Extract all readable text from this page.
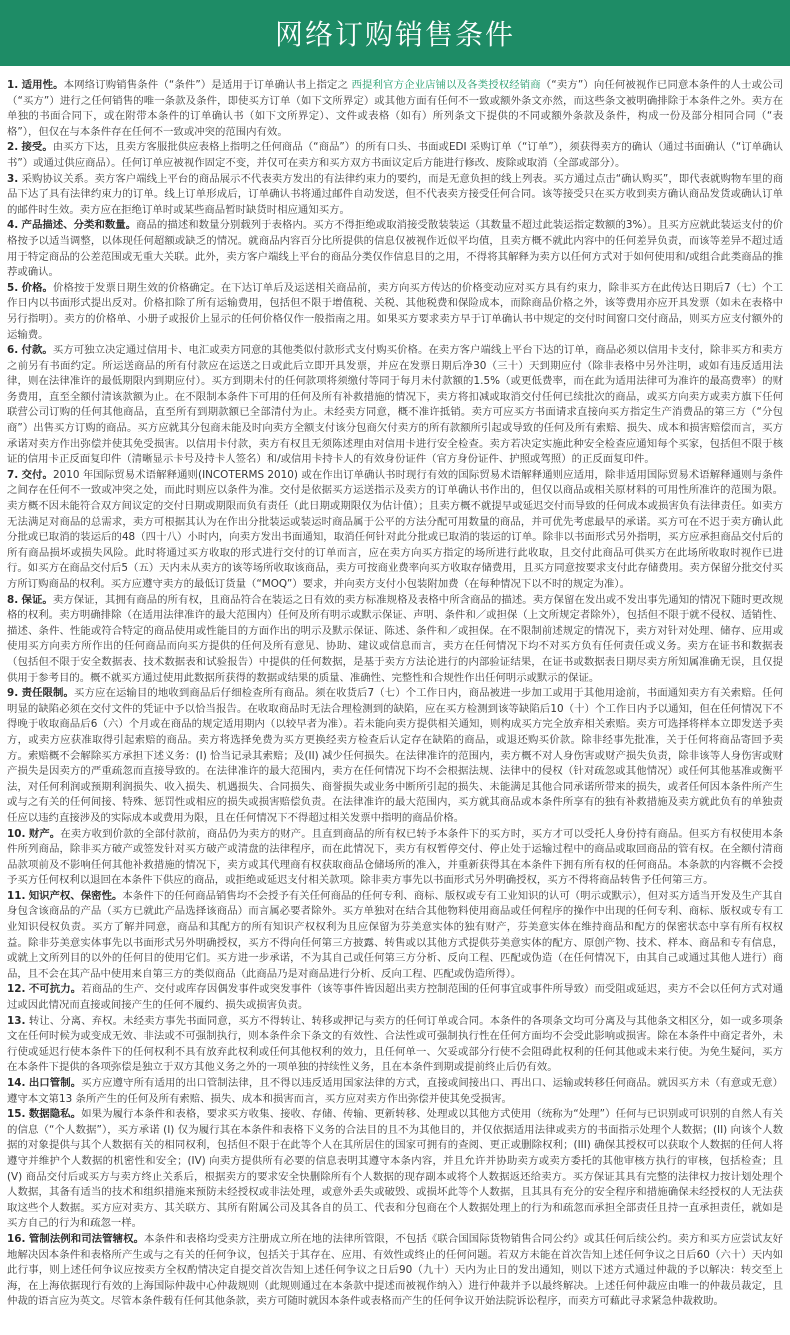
网络订购销售条件

1. 适用性。本网络订购销售条件（“条件”）是适用于订单确认书上指定之 西提利官方企业店铺以及各类授权经销商（“卖方”）向任何被视作已同意本条件的人士或公司（“买方”）进行之任何销售的唯一条款及条件，即使买方订单（如下文所界定）或其他方面有任何不一致或额外条文亦然，而这些条文被明确排除于本条件之外。卖方在单独的书面合同下，或在附带本条件的订单确认书（如下文所界定）、文件或表格（如有）所列条文下提供的不同或额外条款及条件，构成一份及部分相同合同（“表格”），但仅在与本条件存在任何不一致或冲突的范围内有效。

2. 接受。由买方下达，且卖方客服批供应表格上指明之任何商品（“商品”）的所有口头、书面或EDI 采购订单（“订单”），须获得卖方的确认（通过书面确认（“订单确认书”）或通过供应商品）。任何订单应被视作固定不变，并仅可在卖方和买方双方书面议定后方能进行修改、废除或取消（全部或部分）。

3. 采购协议关系。卖方客户端线上平台的商品展示不代表卖方发出的有法律约束力的要约，而是无意负担的线上列表。买方通过点击“确认购买”，即代表就购物车里的商品下达了具有法律约束力的订单。线上订单形成后，订单确认书将通过邮件自动发送，但不代表卖方接受任何合同。该等接受只在买方收到卖方确认商品发货或确认订单的邮件时生效。卖方应在拒绝订单时或某些商品暂时缺货时相应通知买方。

4. 产品描述、分类和数量。商品的描述和数量分别载列于表格内。买方不得拒绝或取消接受散装装运（其数量不超过此装运指定数额的3%）。且买方应就此装运支付的价格按予以适当调整，以体现任何超额或缺乏的情况。就商品内容百分比所提供的信息仅被视作近似平均值，且卖方概不就此内容中的任何差异负责，而该等差异不超过适用于特定商品的公差范围或无重大关联。此外，卖方客户端线上平台的商品分类仅作信息目的之用，不得将其解释为卖方以任何方式对于如何使用和/或组合此类商品的推荐或确认。

5. 价格。价格按于发票日期生效的价格确定。在下达订单后及运送相关商品前，卖方向买方传达的价格变动应对买方具有约束力，除非买方在此传达日期后7（七）个工作日内以书面形式提出反对。价格扣除了所有运输费用，包括但不限于增值税、关税、其他税费和保险成本，而除商品价格之外，该等费用亦应开具发票（如未在表格中另行指明）。卖方的价格单、小册子或报价上显示的任何价格仅作一般指南之用。如果买方要求卖方早于订单确认书中规定的交付时间窗口交付商品，则买方应支付额外的运输费。

6. 付款。买方可独立决定通过信用卡、电汇或卖方同意的其他类似付款形式支付购买价格。在卖方客户端线上平台下达的订单，商品必须以信用卡支付，除非买方和卖方之前另有书面约定。所运送商品的所有付款应在运送之日或此后立即开具发票，并应在发票日期后净30（三十）天到期应付（除非表格中另外注明，或如有违反适用法律，则在法律准许的最低期限内到期应付）。买方到期未付的任何款项将须缴付等同于每月未付款额的1.5%（或更低费率，而在此为适用法律可为准许的最高费率）的财务费用，直至全额付清该款额为止。在不限制本条件下可用的任何及所有补救措施的情况下，卖方将扣减或取消交付任何已续批次的商品，或买方向卖方或卖方旗下任何联营公司订购的任何其他商品，直至所有到期款额已全部清付为止。未经卖方同意，概不准许抵销。卖方可应买方书面请求直接向买方指定生产消费品的第三方（“分包商”）出售买方订购的商品。买方应就其分包商未能及时向卖方全额支付该分包商欠付卖方的所有款额所引起或导致的任何及所有索赔、损失、成本和损害赔偿而言，买方承诺对卖方作出弥偿并使其免受损害。以信用卡付款，卖方有权且无须陈述理由对信用卡进行安全检查。卖方若决定实施此种安全检查应通知每个买家，包括但不限于核证的信用卡正反面复印件（清晰显示卡号及持卡人签名）和/或信用卡持卡人的有效身份证件（官方身份证件、护照或驾照）的正反面复印件。

7. 交付。2010 年国际贸易术语解释通则(INCOTERMS 2010) 或在作出订单确认书时现行有效的国际贸易术语解释通则应适用，除非适用国际贸易术语解释通则与条件之间存在任何不一致或冲突之处，而此时则应以条件为准。交付是依据买方运送指示及卖方的订单确认书作出的，但仅以商品或相关原材料的可用性所准许的范围为限。卖方概不因未能符合双方间议定的交付日期或期限而负有责任（此日期或期限仅为估计值）；且卖方概不就提早或延迟交付而导致的任何成本或损害负有法律责任。如卖方无法满足对商品的总需求，卖方可根据其认为在作出分批装运或装运时商品属于公平的方法分配可用数量的商品，并可优先考虑最早的承诺。买方可在不迟于卖方确认此分批或已取消的装运后的48（四十八）小时内，向卖方发出书面通知，取消任何针对此分批或已取消的装运的订单。除非以书面形式另外指明，买方应承担商品交付后的所有商品损坏或损失风险。此时将通过买方收取的形式进行交付的订单而言，应在卖方向买方指定的场所进行此收取，且交付此商品可供买方在此场所收取时视作已进行。如买方在商品交付后5（五）天内未从卖方的该等场所收取该商品，卖方可按商业费率向买方收取存储费用，且买方同意按要求支付此存储费用。卖方保留分批交付买方所订购商品的权利。买方应遵守卖方的最低订货量（“MOQ”）要求，并向卖方支付小包装附加费（在每种情况下以不时的规定为准）。

8. 保证。卖方保证，其拥有商品的所有权，且商品符合在装运之日有效的卖方标准规格及表格中所含商品的描述。卖方保留在发出或不发出事先通知的情况下随时更改规格的权利。卖方明确排除（在适用法律准许的最大范围内）任何及所有明示或默示保证、声明、条件和／或担保（上文所规定者除外），包括但不限于就不侵权、适销性、描述、条件、性能或符合特定的商品使用或性能目的方面作出的明示及默示保证、陈述、条件和／或担保。在不限制前述规定的情况下，卖方对针对处理、储存、应用或使用买方向卖方所作出的任何商品而向买方提供的任何及所有意见、协助、建议或信息而言，卖方在任何情况下均不对买方负有任何责任或义务。卖方在证书和数据表（包括但不限于安全数据表、技术数据表和试验报告）中提供的任何数据，是基于卖方方法论进行的内部验证结果，在证书或数据表日期尽卖方所知属准确无误，且仅提供用于参考目的。概不就买方通过使用此数据所获得的数据或结果的质量、准确性、完整性和合规性作出任何明示或默示的保证。

9. 责任限制。买方应在运输目的地收到商品后仔细检查所有商品。须在收货后7（七）个工作日内，商品被进一步加工或用于其他用途前，书面通知卖方有关索赔。任何明显的缺陷必须在交付文件的凭证中予以恰当报告。在收取商品时无法合理检测到的缺陷，应在买方检测到该等缺陷后10（十）个工作日内予以通知，但在任何情况下不得晚于收取商品后6（六）个月或在商品的规定适用期内（以较早者为准）。若未能向卖方提供相关通知，则构成买方完全放弃相关索赔。卖方可选择将样本立即发送予卖方，或卖方应获准取得引起索赔的商品。卖方将选择免费为买方更换经卖方检查后认定存在缺陷的商品，或退还购买价款。除非经事先批准，关于任何将商品寄回予卖方。索赔概不会解除买方承担下述义务：(I) 恰当记录其索赔；及(II) 减少任何损失。在法律准许的范围内，卖方概不对人身伤害或财产损失负责，除非该等人身伤害或财产损失是因卖方的严重疏忽而直接导致的。在法律准许的最大范围内，卖方在任何情况下均不会根据法规、法律中的侵权（针对疏忽或其他情况）或任何其他基准或衡平法，对任何利润或预期利润损失、收入损失、机遇损失、合同损失、商誉损失或业务中断所引起的损失、未能满足其他合同承诺所带来的损失，或者任何因本条件所产生或与之有关的任何间接、特殊、惩罚性或相应的损失或损害赔偿负责。在法律准许的最大范围内，买方就其商品或本条件所享有的独有补救措施及卖方就此负有的单独责任应以违约直接涉及的实际成本或费用为限，且在任何情况下不得超过相关发票中指明的商品价格。

10. 财产。在卖方收到价款的全部付款前，商品仍为卖方的财产。且直到商品的所有权已转予本条件下的买方时，买方才可以受托人身份持有商品。但买方有权使用本条件所列商品，除非买方破产或签发针对买方破产或清盘的法律程序，而在此情况下，卖方有权暂停交付、停止处于运输过程中的商品或取回商品的管有权。在全额付清商品款项前及不影响任何其他补救措施的情况下，卖方或其代理商有权获取商品仓储场所的准入，并重新获得其在本条件下拥有所有权的任何商品。本条款的内容概不会授予买方任何权利以退回在本条件下供应的商品，或拒绝或延迟支付相关款项。除非卖方事先以书面形式另外明确授权，买方不得将商品转售予任何第三方。

11. 知识产权、保密性。本条件下的任何商品销售均不会授予有关任何商品的任何专利、商标、版权或专有工业知识的认可（明示或默示），但对买方适当开发及生产其自身包含该商品的产品（买方已就此产品选择该商品）而言属必要者除外。买方单独对在结合其他物料使用商品或任何程序的操作中出现的任何专利、商标、版权或专有工业知识侵权负责。买方了解并同意，商品和其配方的所有知识产权权利为且应保留为芬美意实体的独有财产，芬美意实体在维持商品和配方的保密状态中享有所有权权益。除非芬美意实体事先以书面形式另外明确授权，买方不得向任何第三方披露、转售或以其他方式提供芬美意实体的配方、原创产物、技术、样本、商品和专有信息，或就上文所列目的以外的任何目的使用它们。买方进一步承诺，不为其自己或任何第三方分析、反向工程、匹配或伪造（在任何情况下，由其自己或通过其他人进行）商品，且不会在其产品中使用来自第三方的类似商品（此商品乃是对商品进行分析、反向工程、匹配或伪造所得）。

12. 不可抗力。若商品的生产、交付或库存因偶发事件或突发事件（该等事件皆因超出卖方控制范围的任何事宜或事件所导致）而受阻或延迟，卖方不会以任何方式对通过或因此情况而直接或间接产生的任何不履约、损失或损害负责。

13. 转让、分离、弃权。未经卖方事先书面同意，买方不得转让、转移或押记与卖方的任何订单或合同。本条件的各项条文均可分离及与其他条文相区分，如一或多项条文在任何时候为或变成无效、非法或不可强制执行，则本条件余下条文的有效性、合法性或可强制执行性在任何方面均不会受此影响或损害。除在本条件中商定者外，未行使或延迟行使本条件下的任何权利不具有放弃此权利或任何其他权利的效力，且任何单一、欠妥或部分行使不会阻碍此权利的任何其他或未来行使。为免生疑问，买方在本条件下提供的各项弥偿是独立于双方其他义务之外的一项单独的持续性义务，且在本条件到期或提前终止后仍有效。

14. 出口管制。买方应遵守所有适用的出口管制法律，且不得以违反适用国家法律的方式，直接或间接出口、再出口、运输或转移任何商品。就因买方未（有意或无意）遵守本文第13 条所产生的任何及所有索赔、损失、成本和损害而言，买方应对卖方作出弥偿并使其免受损害。

15. 数据隐私。如果为履行本条件和表格，要求买方收集、接收、存储、传输、更新转移、处理或以其他方式使用（统称为“处理”）任何与已识别或可识别的自然人有关的信息（“个人数据”），买方承诺 (I) 仅为履行其在本条件和表格下义务的合法目的且不为其他目的，并仅依据适用法律或卖方的书面指示处理个人数据；(II) 向该个人数据的对象提供与其个人数据有关的相同权利，包括但不限于在此等个人在其所居住的国家可拥有的查阅、更正或删除权利；(III) 确保其授权可以获取个人数据的任何人将遵守并维护个人数据的机密性和安全；(IV) 向卖方提供所有必要的信息表明其遵守本条内容，并且允许并协助卖方或卖方委托的其他审核方执行的审核，包括检查；且 (V) 商品交付后或买方与卖方终止关系后，根据卖方的要求安全快删除所有个人数据的现存副本或将个人数据返还给卖方。买方保证其具有完整的法律权力按计划处理个人数据，其备有适当的技术和组织措施来预防未经授权或非法处理，或意外丢失或破毁、或损坏此等个人数据，且其具有充分的安全程序和措施确保未经授权的人无法获取这些个人数据。买方应对卖方、其关联方、其所有附属公司及其各自的员工、代表和分包商在个人数据处理上的行为和疏忽而承担全部责任且持一直承担责任，就如是买方自己的行为和疏忽一样。

16. 管制法例和司法管辖权。本条件和表格均受卖方注册成立所在地的法律所管限，不包括《联合国国际货物销售合同公约》或其任何后续公约。卖方和买方应尝试友好地解决因本条件和表格所产生或与之有关的任何争议，包括关于其存在、应用、有效性或终止的任何问题。若双方未能在首次告知上述任何争议之日后60（六十）天内如此行事，则上述任何争议应按卖方全权酌情决定自提交首次告知上述任何争议之日后90（九十）天内为止日的发出通知，则以下述方式通过仲裁的予以解决：转交至上海，在上海依据现行有效的上海国际仲裁中心仲裁规则（此规则通过在本条款中提述而被视作纳入）进行仲裁并予以最终解决。上述任何仲裁应由唯一的仲裁员裁定，且仲裁的语言应为英文。尽管本条件载有任何其他条款，卖方可随时就因本条件或表格而产生的任何争议开始法院诉讼程序，而卖方可藉此寻求紧急仲裁救助。
